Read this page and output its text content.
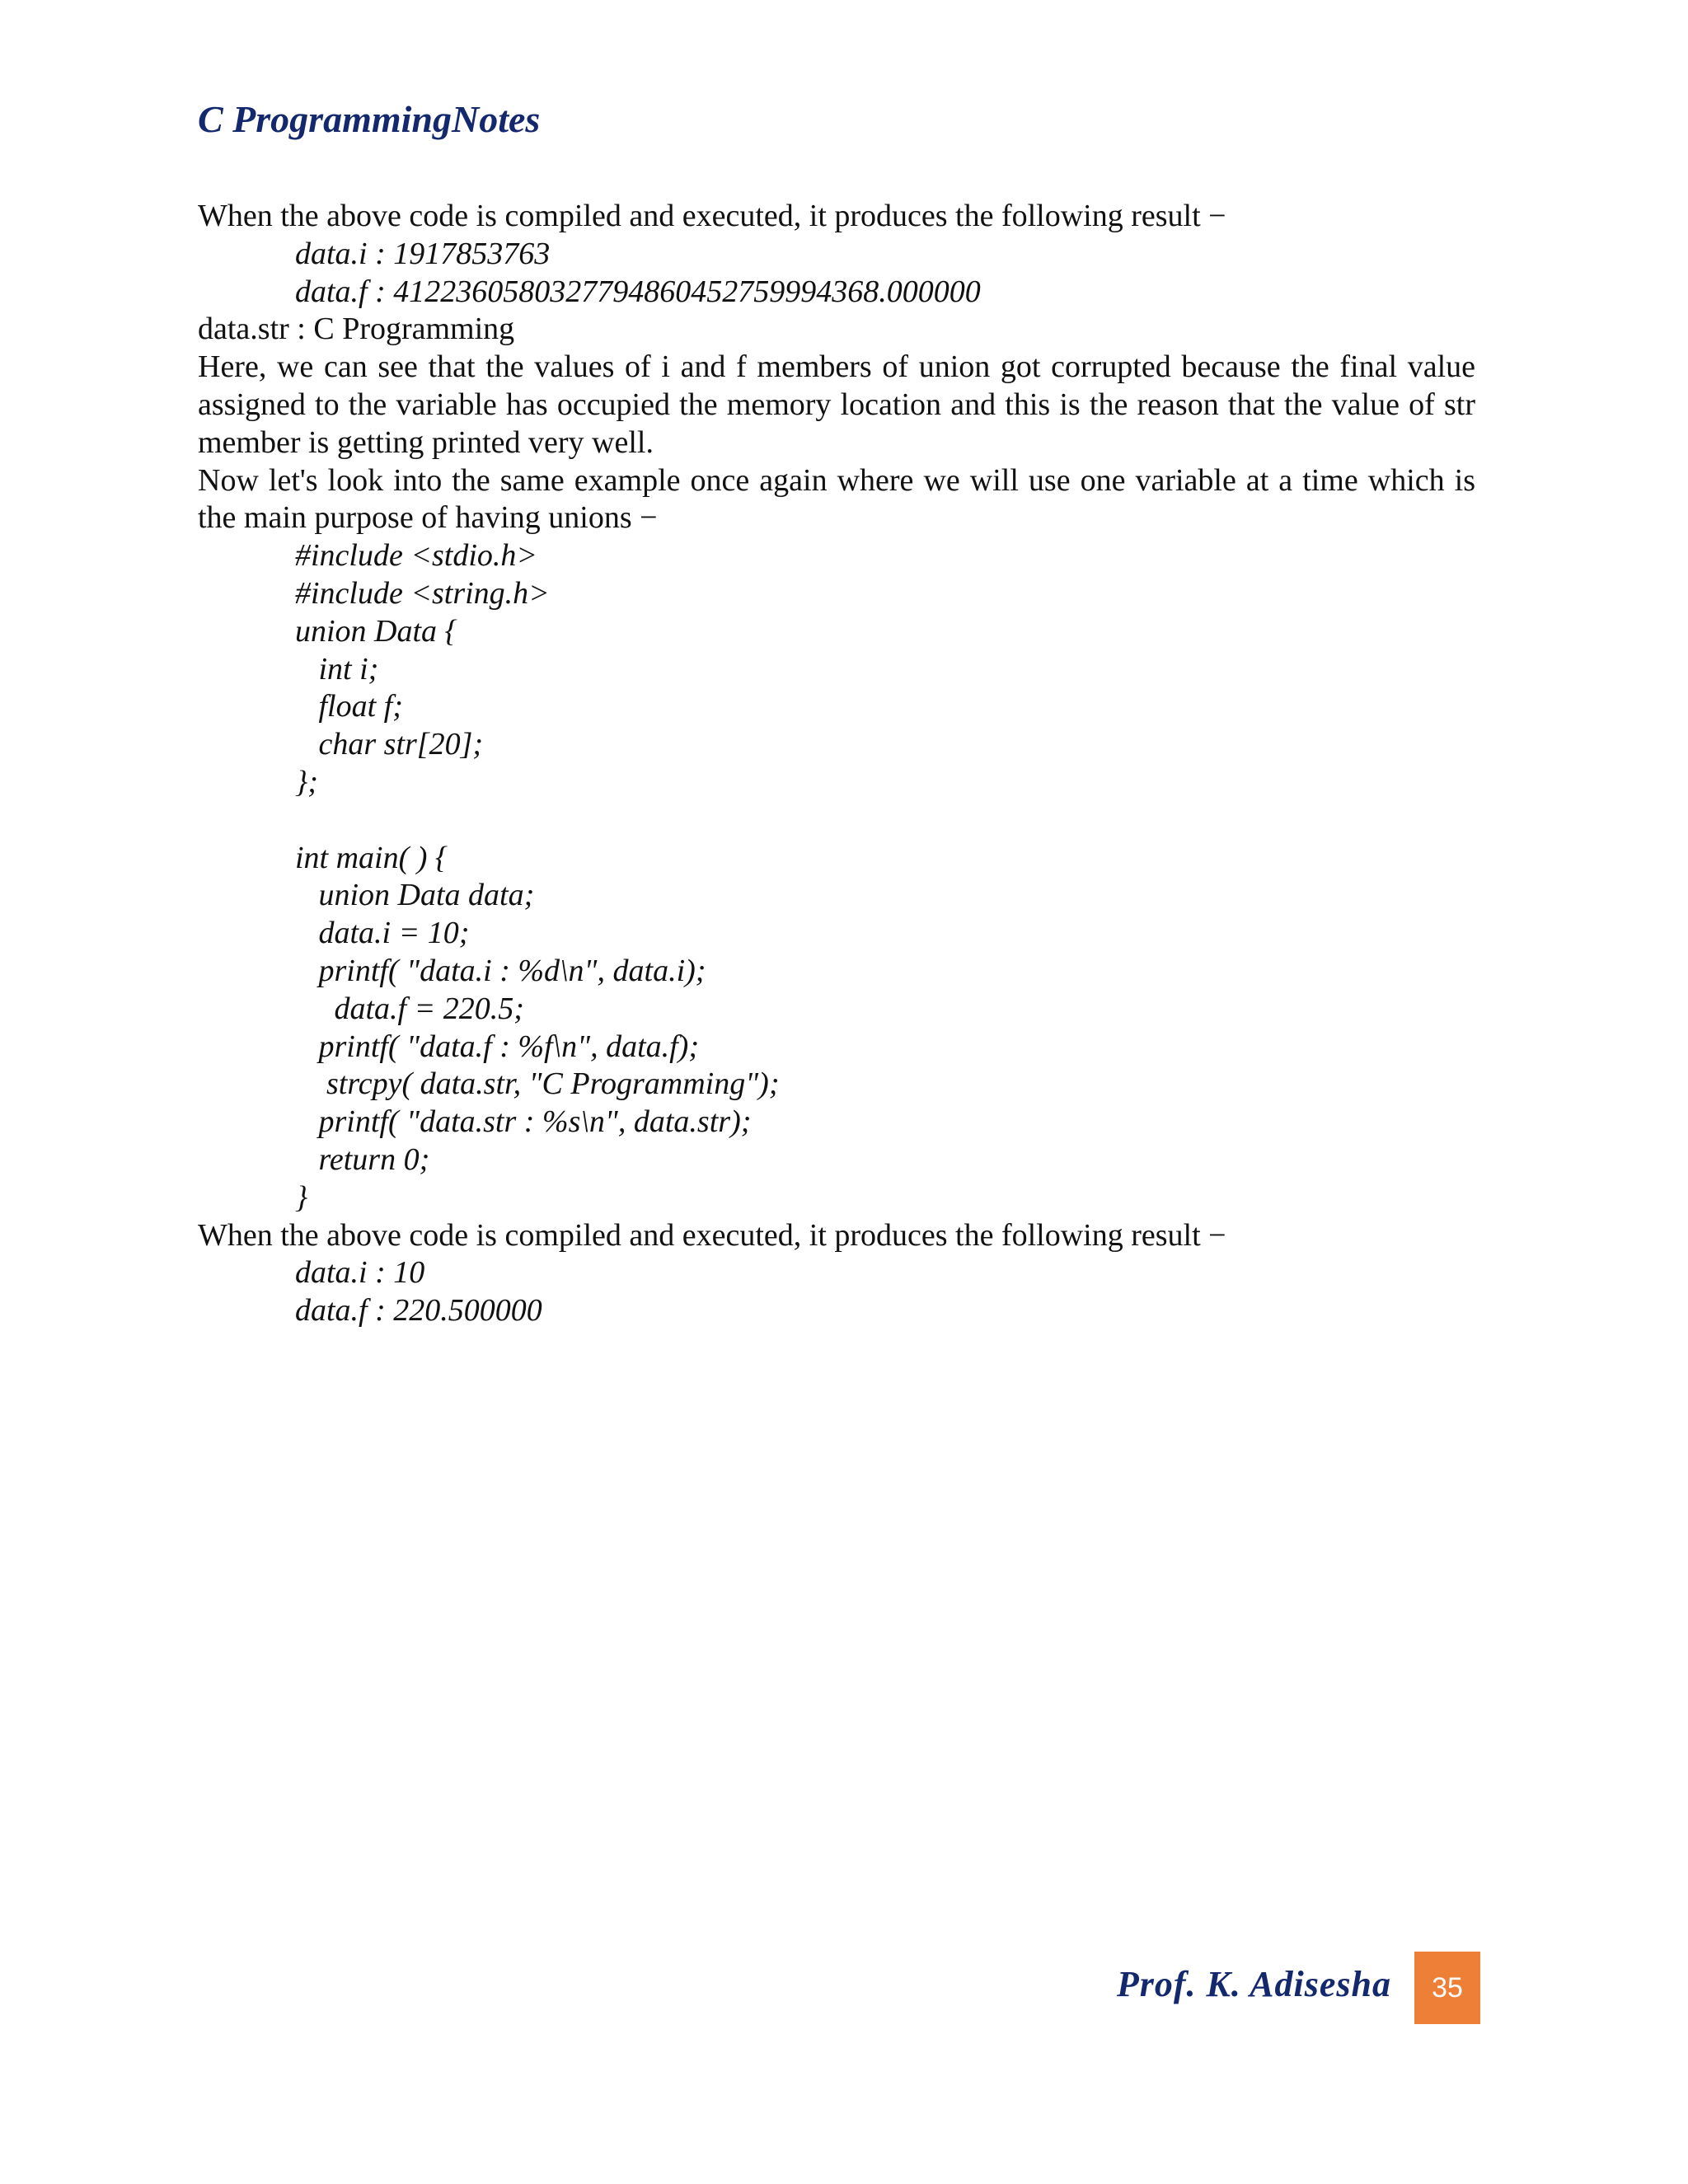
C ProgrammingNotes

When the above code is compiled and executed, it produces the following result −

data.i : 1917853763

data.f : 4122360580327794860452759994368.000000

data.str : C Programming

Here, we can see that the values of i and f members of union got corrupted because the final value assigned to the variable has occupied the memory location and this is the reason that the value of str member is getting printed very well.

Now let's look into the same example once again where we will use one variable at a time which is the main purpose of having unions −

#include <stdio.h>

#include <string.h>

union Data {

int i;

float f;

char str[20];

};

int main( ) {

union Data data;

data.i = 10;

printf( "data.i : %d\n", data.i);

data.f = 220.5;

printf( "data.f : %f\n", data.f);

strcpy( data.str, "C Programming");

printf( "data.str : %s\n", data.str);

return 0;

}

When the above code is compiled and executed, it produces the following result −

data.i : 10

data.f : 220.500000

Prof. K. Adisesha	35
